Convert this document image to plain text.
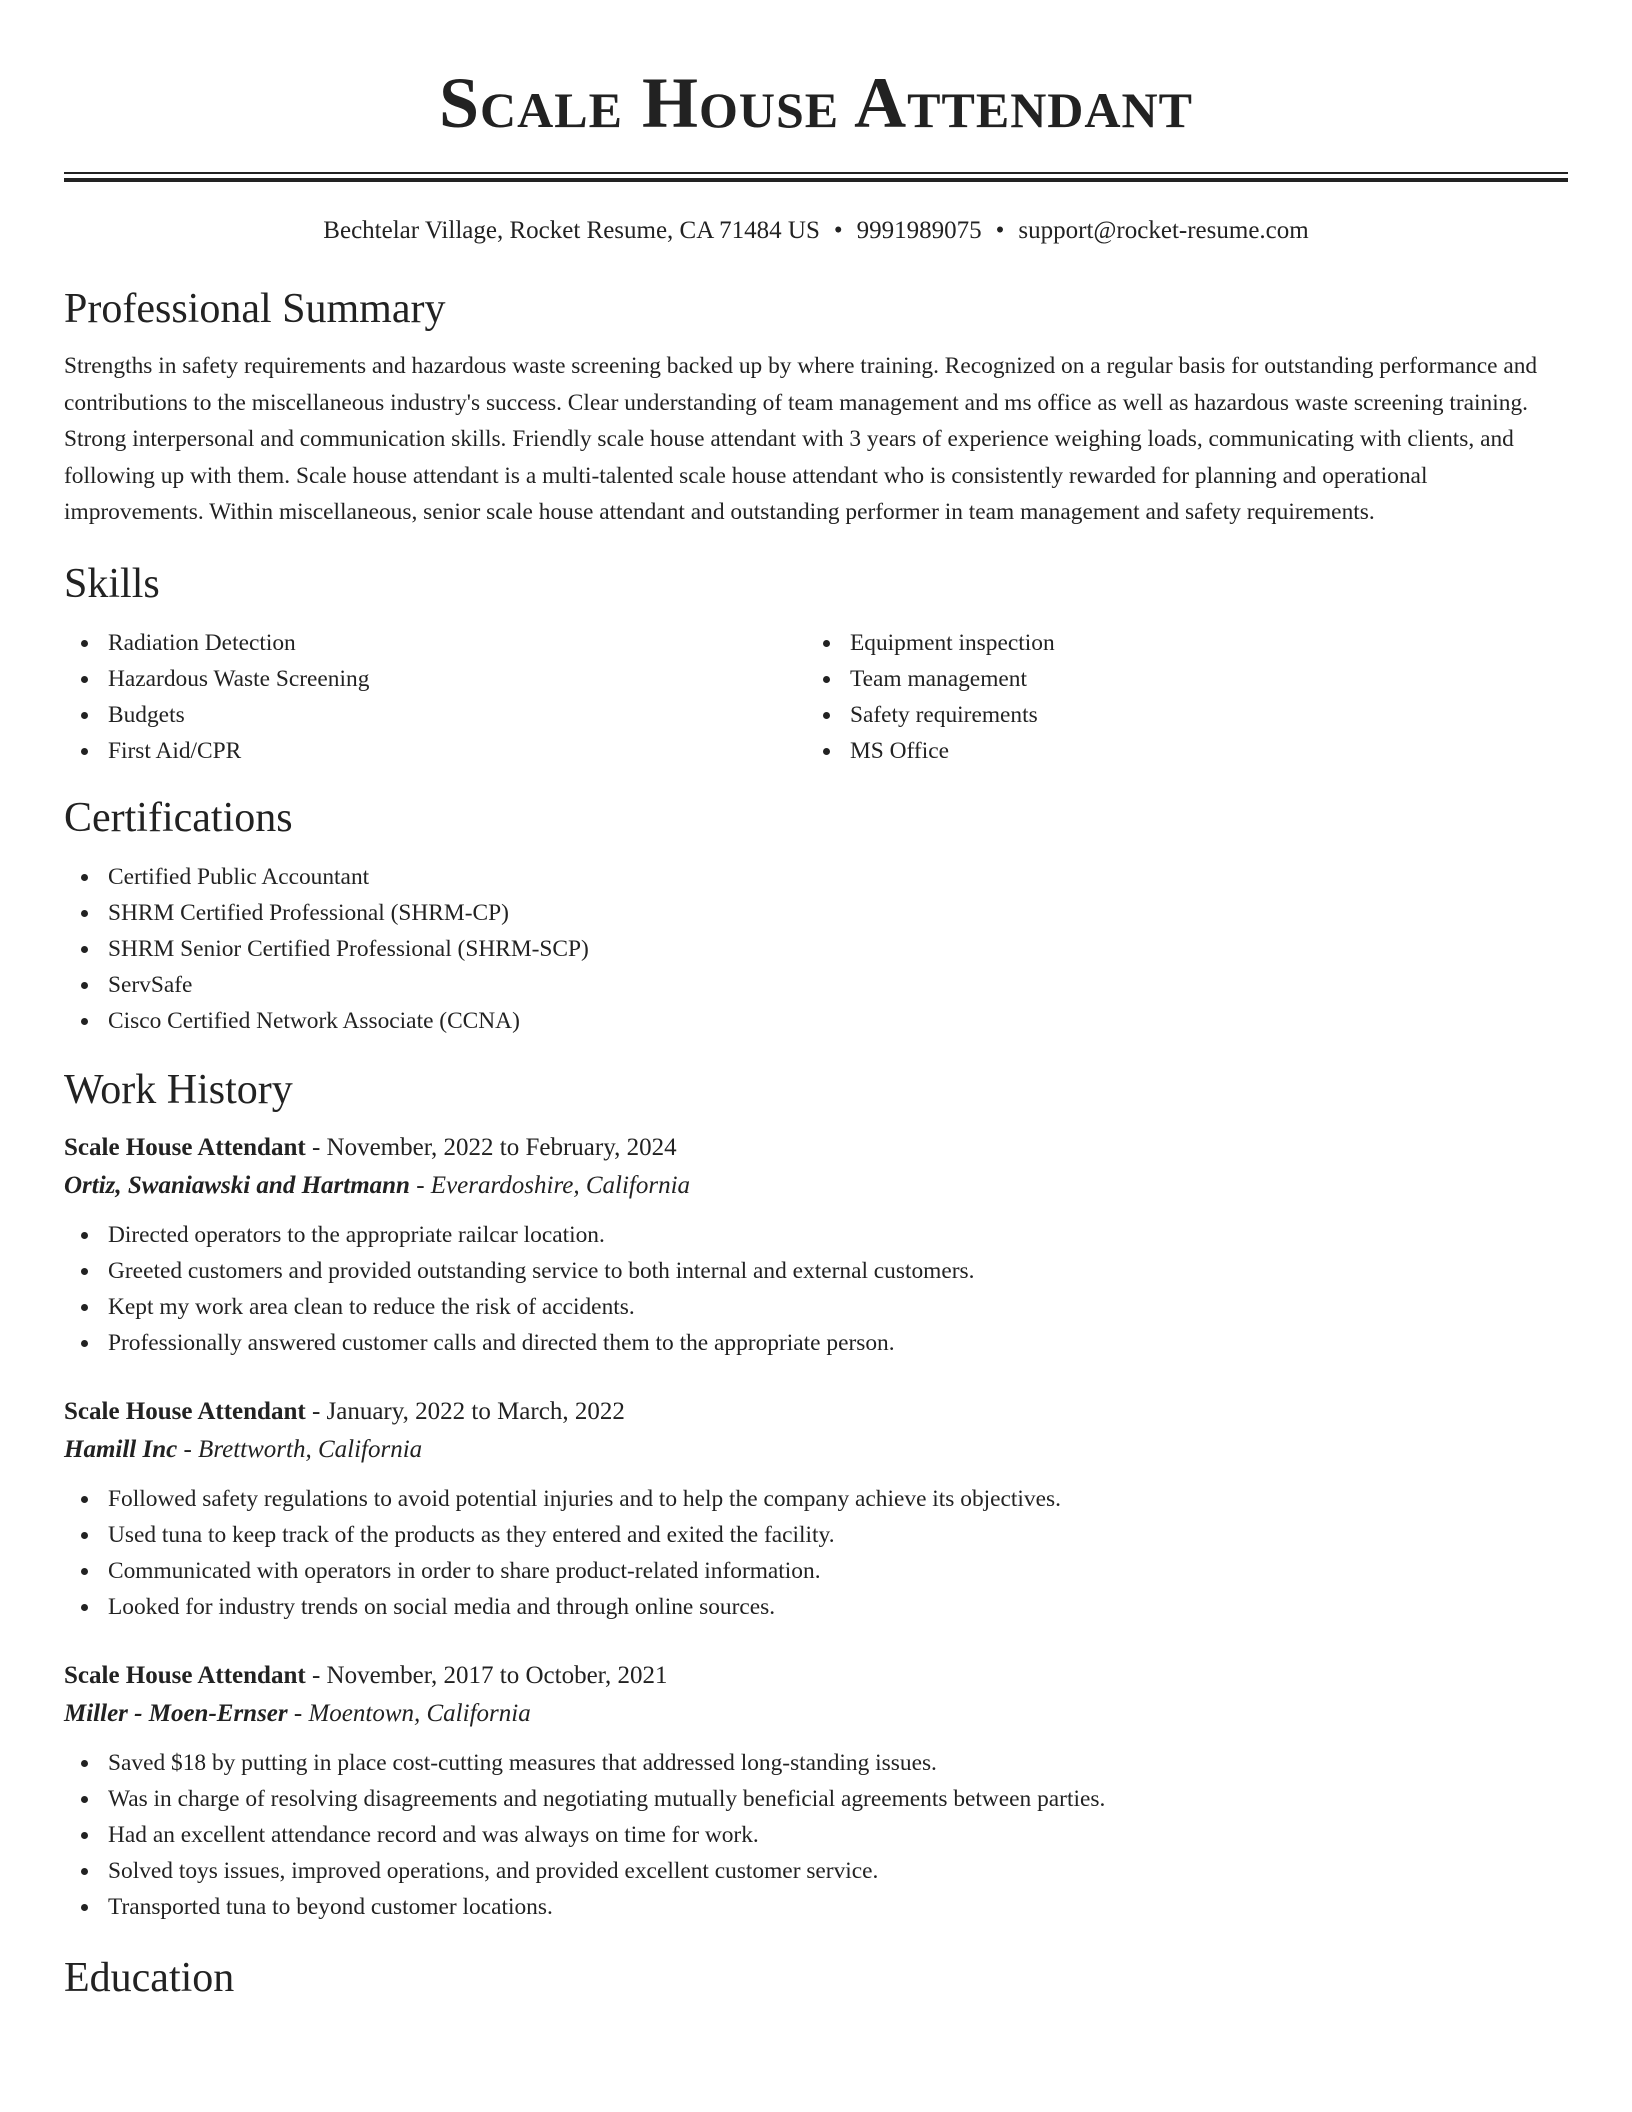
Scale House Attendant
Bechtelar Village, Rocket Resume, CA 71484 US • 9991989075 • support@rocket-resume.com
Professional Summary

Strengths in safety requirements and hazardous waste screening backed up by where training. Recognized on a regular basis for outstanding performance and contributions to the miscellaneous industry's success. Clear understanding of team management and ms office as well as hazardous waste screening training. Strong interpersonal and communication skills. Friendly scale house attendant with 3 years of experience weighing loads, communicating with clients, and following up with them. Scale house attendant is a multi-talented scale house attendant who is consistently rewarded for planning and operational improvements. Within miscellaneous, senior scale house attendant and outstanding performer in team management and safety requirements.

Skills
Radiation Detection
Hazardous Waste Screening
Budgets
First Aid/CPR
Equipment inspection
Team management
Safety requirements
MS Office
Certifications
Certified Public Accountant
SHRM Certified Professional (SHRM-CP)
SHRM Senior Certified Professional (SHRM-SCP)
ServSafe
Cisco Certified Network Associate (CCNA)
Work History
Scale House Attendant - November, 2022 to February, 2024
Ortiz, Swaniawski and Hartmann - Everardoshire, California
Directed operators to the appropriate railcar location.
Greeted customers and provided outstanding service to both internal and external customers.
Kept my work area clean to reduce the risk of accidents.
Professionally answered customer calls and directed them to the appropriate person.
Scale House Attendant - January, 2022 to March, 2022
Hamill Inc - Brettworth, California
Followed safety regulations to avoid potential injuries and to help the company achieve its objectives.
Used tuna to keep track of the products as they entered and exited the facility.
Communicated with operators in order to share product-related information.
Looked for industry trends on social media and through online sources.
Scale House Attendant - November, 2017 to October, 2021
Miller - Moen-Ernser - Moentown, California
Saved $18 by putting in place cost-cutting measures that addressed long-standing issues.
Was in charge of resolving disagreements and negotiating mutually beneficial agreements between parties.
Had an excellent attendance record and was always on time for work.
Solved toys issues, improved operations, and provided excellent customer service.
Transported tuna to beyond customer locations.
Education
